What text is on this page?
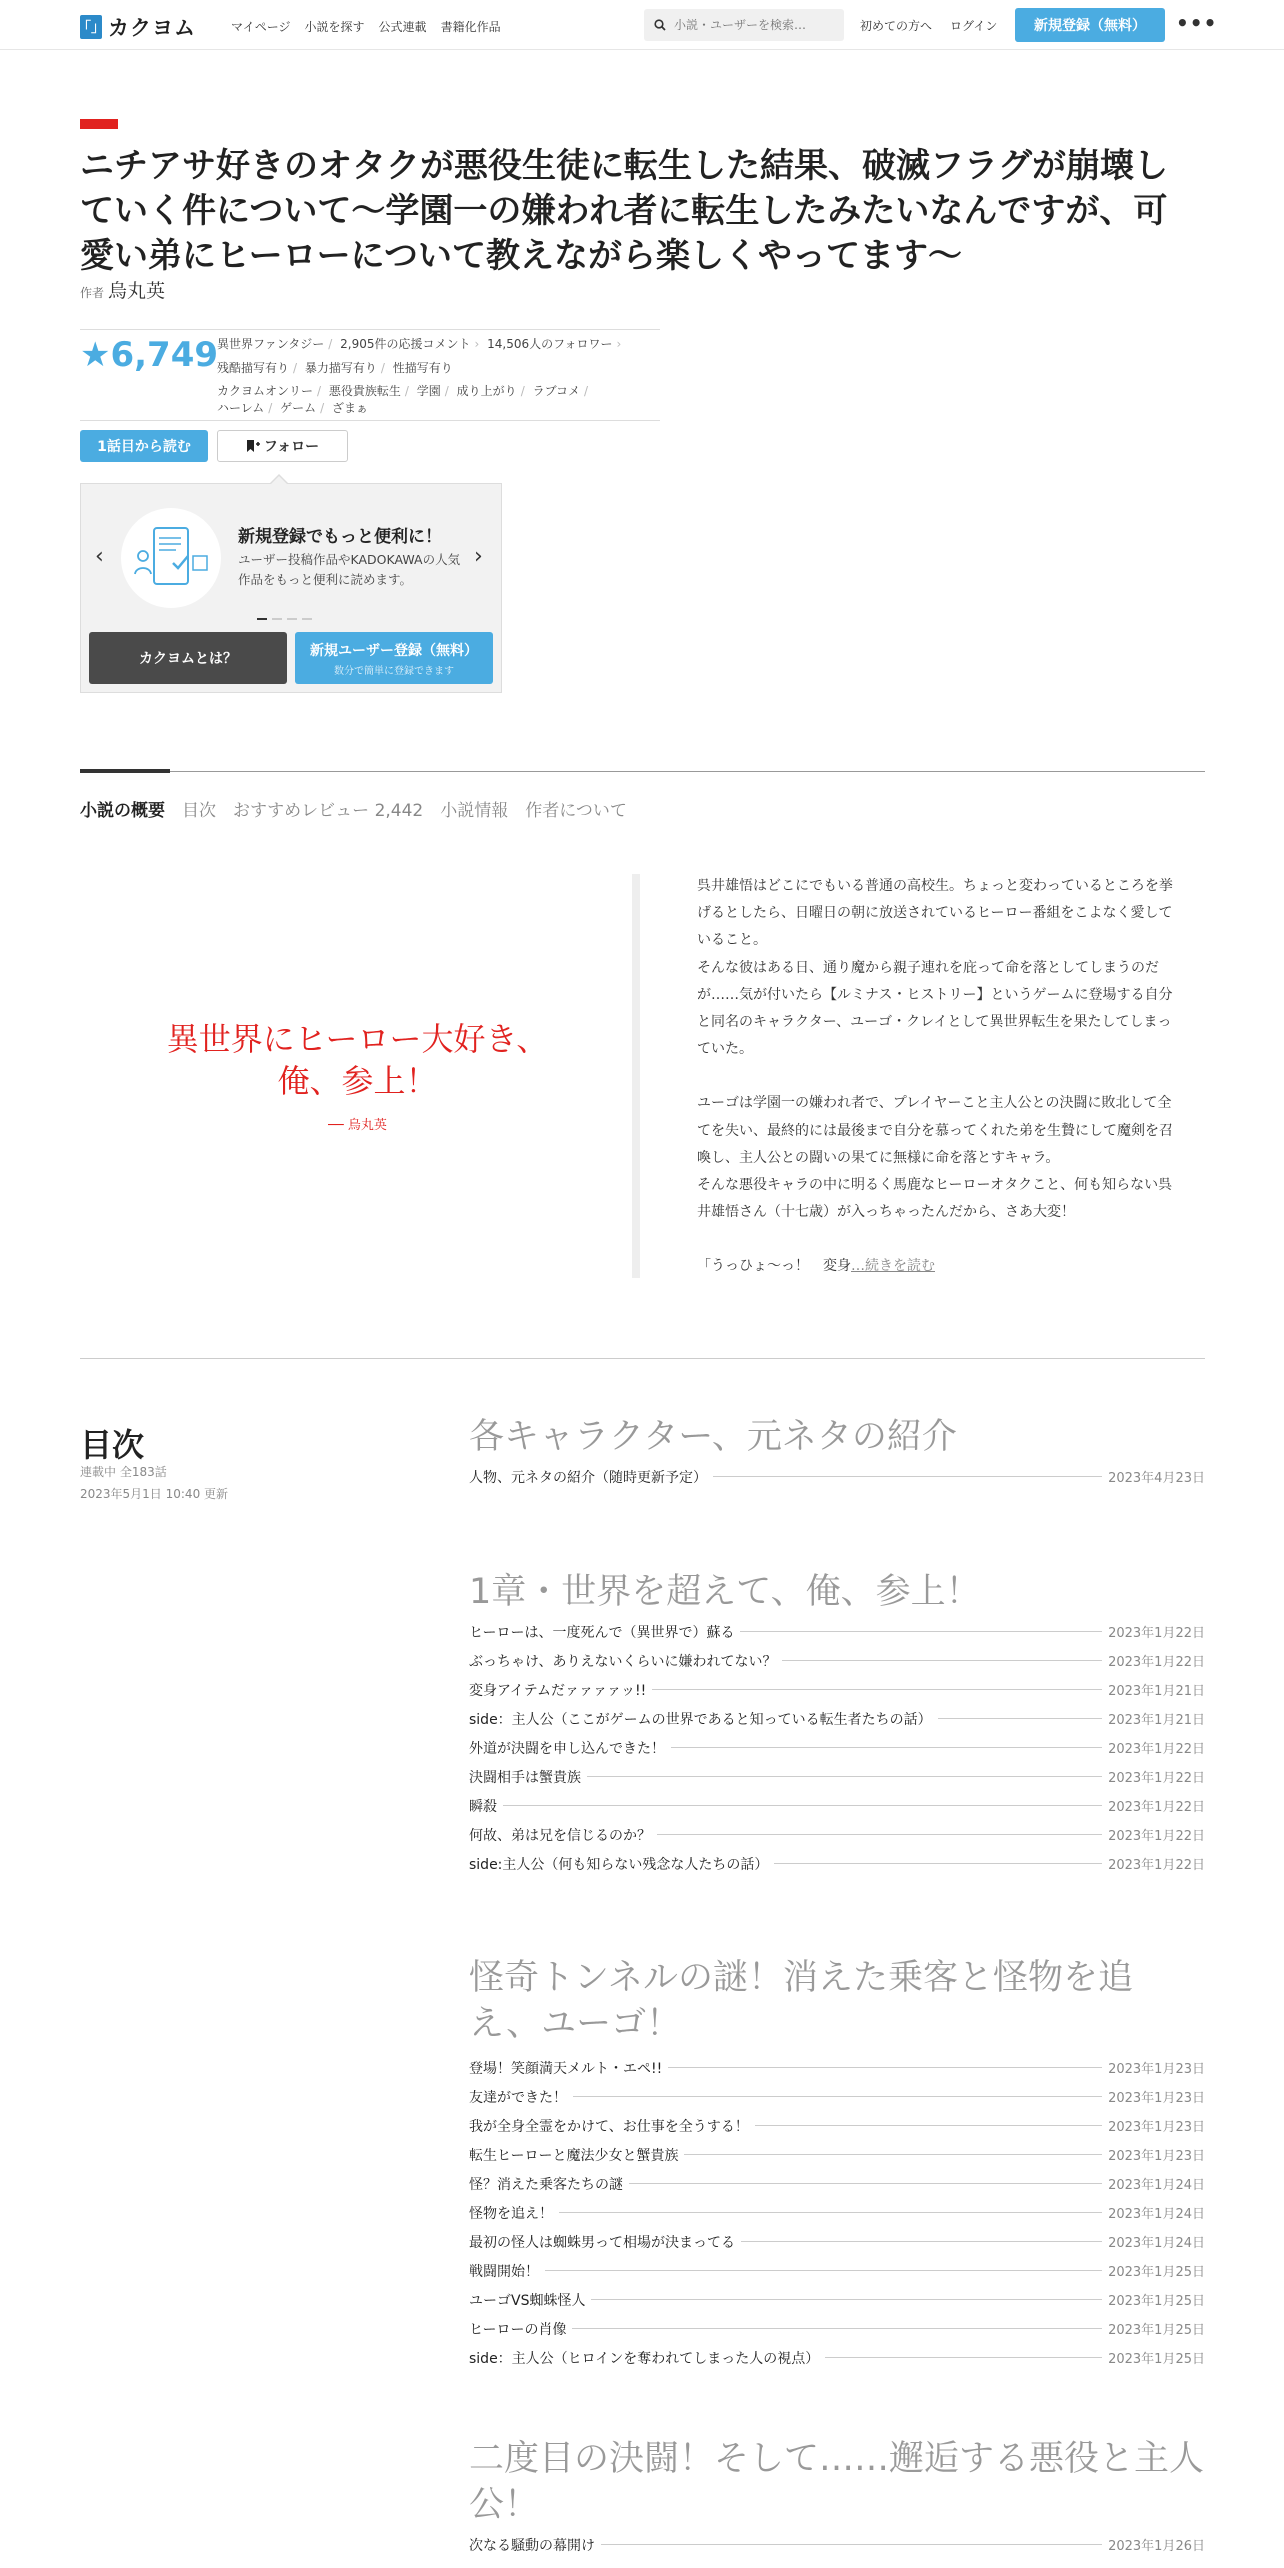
「」 カクヨム	マイページ 小説を探す 公式連載 書籍化作品
小説・ユーザーを検索…	初めての方へ ログイン	新規登録（無料）	•••
ニチアサ好きのオタクが悪役生徒に転生した結果、破滅フラグが崩壊していく件について～学園一の嫌われ者に転生したみたいなんですが、可愛い弟にヒーローについて教えながら楽しくやってます～
作者 烏丸英
★6,749
異世界ファンタジー / 2,905件の応援コメント › 14,506人のフォロワー ›
残酷描写有り / 暴力描写有り / 性描写有り
カクヨムオンリー / 悪役貴族転生 / 学園 / 成り上がり / ラブコメ /
ハーレム / ゲーム / ざまぁ
1話目から読む	フォロー
‹	›
新規登録でもっと便利に！
ユーザー投稿作品やKADOKAWAの人気作品をもっと便利に読めます。
カクヨムとは？
新規ユーザー登録（無料）
数分で簡単に登録できます
小説の概要 目次 おすすめレビュー 2,442 小説情報 作者について
異世界にヒーロー大好き、
俺、参上！
── 烏丸英

呉井雄悟はどこにでもいる普通の高校生。ちょっと変わっているところを挙げるとしたら、日曜日の朝に放送されているヒーロー番組をこよなく愛していること。

そんな彼はある日、通り魔から親子連れを庇って命を落としてしまうのだが……気が付いたら【ルミナス・ヒストリー】というゲームに登場する自分と同名のキャラクター、ユーゴ・クレイとして異世界転生を果たしてしまっていた。

ユーゴは学園一の嫌われ者で、プレイヤーこと主人公との決闘に敗北して全てを失い、最終的には最後まで自分を慕ってくれた弟を生贄にして魔剣を召喚し、主人公との闘いの果てに無様に命を落とすキャラ。

そんな悪役キャラの中に明るく馬鹿なヒーローオタクこと、何も知らない呉井雄悟さん（十七歳）が入っちゃったんだから、さあ大変！

「うっひょ～っ！　変身…続きを読む

目次
連載中 全183話
2023年5月1日 10:40 更新
各キャラクター、元ネタの紹介
人物、元ネタの紹介（随時更新予定）	2023年4月23日
1章・世界を超えて、俺、参上！
ヒーローは、一度死んで（異世界で）蘇る	2023年1月22日
ぶっちゃけ、ありえないくらいに嫌われてない？	2023年1月22日
変身アイテムだァァァァッ!!	2023年1月21日
side：主人公（ここがゲームの世界であると知っている転生者たちの話）	2023年1月21日
外道が決闘を申し込んできた！	2023年1月22日
決闘相手は蟹貴族	2023年1月22日
瞬殺	2023年1月22日
何故、弟は兄を信じるのか？	2023年1月22日
side:主人公（何も知らない残念な人たちの話）	2023年1月22日
怪奇トンネルの謎！消えた乗客と怪物を追え、ユーゴ！
登場！笑顔満天メルト・エペ!!	2023年1月23日
友達ができた！	2023年1月23日
我が全身全霊をかけて、お仕事を全うする！	2023年1月23日
転生ヒーローと魔法少女と蟹貴族	2023年1月23日
怪？消えた乗客たちの謎	2023年1月24日
怪物を追え！	2023年1月24日
最初の怪人は蜘蛛男って相場が決まってる	2023年1月24日
戦闘開始！	2023年1月25日
ユーゴVS蜘蛛怪人	2023年1月25日
ヒーローの肖像	2023年1月25日
side：主人公（ヒロインを奪われてしまった人の視点）	2023年1月25日
二度目の決闘！そして……邂逅する悪役と主人公！
次なる騒動の幕開け	2023年1月26日
